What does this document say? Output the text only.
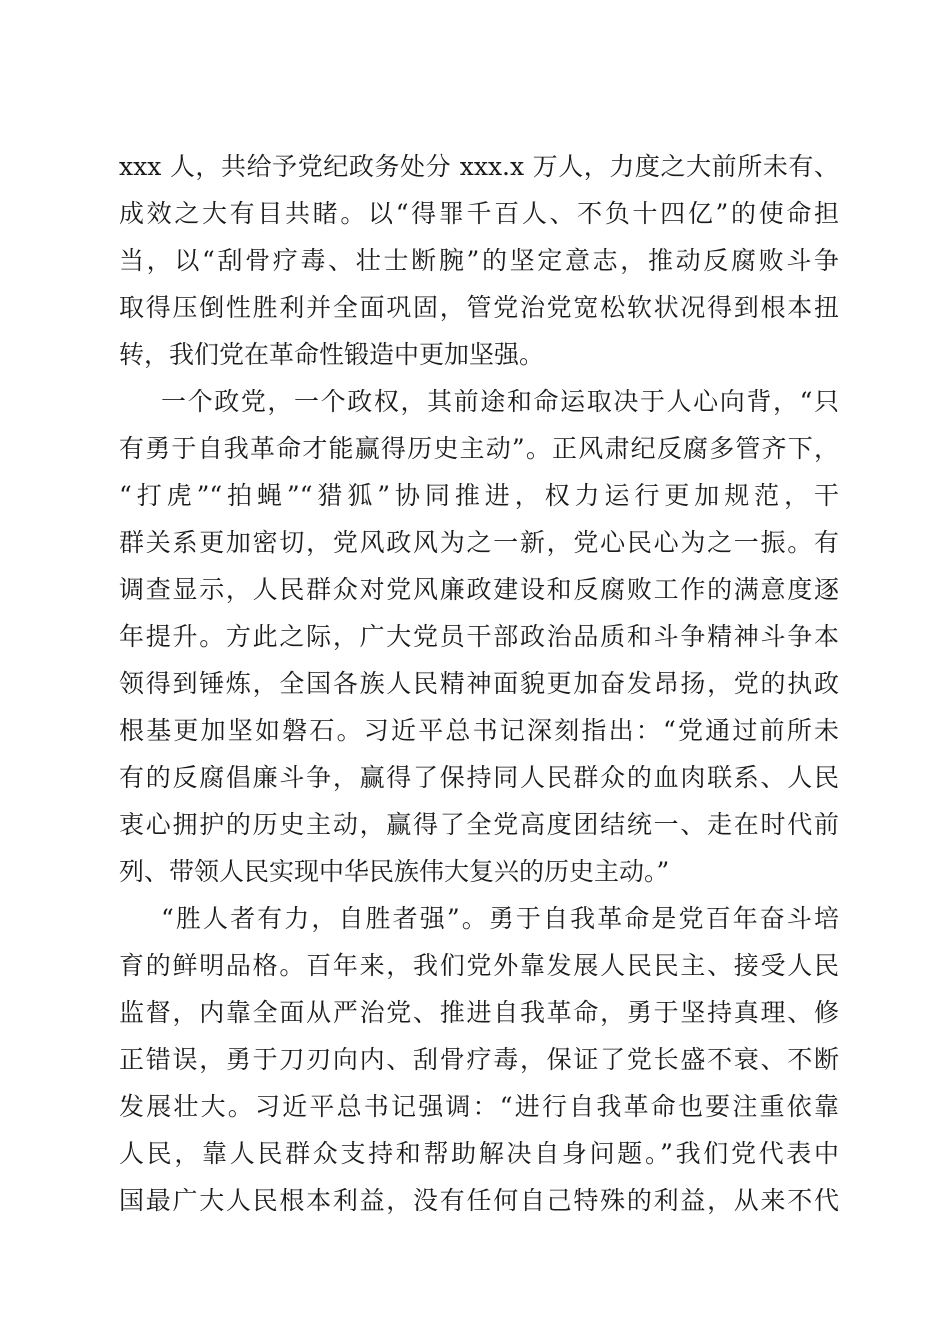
xxx 人，共给予党纪政务处分 xxx.x 万人，力度之大前所未有、
成效之大有目共睹。以“得罪千百人、不负十四亿”的使命担
当，以“刮骨疗毒、壮士断腕”的坚定意志，推动反腐败斗争
取得压倒性胜利并全面巩固，管党治党宽松软状况得到根本扭
转，我们党在革命性锻造中更加坚强。
一个政党，一个政权，其前途和命运取决于人心向背，“只
有勇于自我革命才能赢得历史主动”。正风肃纪反腐多管齐下，
“打虎”“拍蝇”“猎狐”协同推进，权力运行更加规范，干
群关系更加密切，党风政风为之一新，党心民心为之一振。有
调查显示，人民群众对党风廉政建设和反腐败工作的满意度逐
年提升。方此之际，广大党员干部政治品质和斗争精神斗争本
领得到锤炼，全国各族人民精神面貌更加奋发昂扬，党的执政
根基更加坚如磐石。习近平总书记深刻指出：“党通过前所未
有的反腐倡廉斗争，赢得了保持同人民群众的血肉联系、人民
衷心拥护的历史主动，赢得了全党高度团结统一、走在时代前
列、带领人民实现中华民族伟大复兴的历史主动。”
“胜人者有力，自胜者强”。勇于自我革命是党百年奋斗培
育的鲜明品格。百年来，我们党外靠发展人民民主、接受人民
监督，内靠全面从严治党、推进自我革命，勇于坚持真理、修
正错误，勇于刀刃向内、刮骨疗毒，保证了党长盛不衰、不断
发展壮大。习近平总书记强调：“进行自我革命也要注重依靠
人民，靠人民群众支持和帮助解决自身问题。”我们党代表中
国最广大人民根本利益，没有任何自己特殊的利益，从来不代
